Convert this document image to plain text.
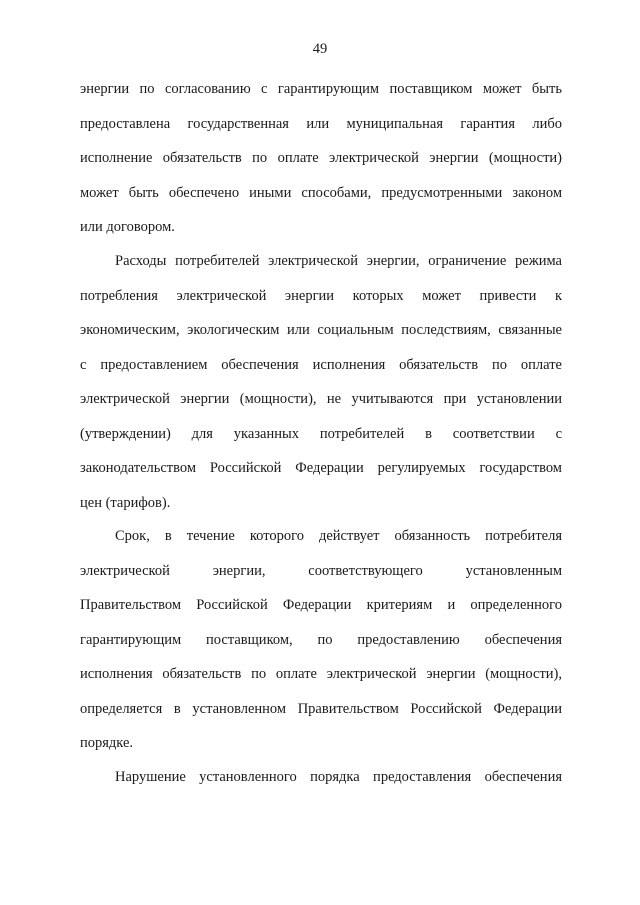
49
энергии по согласованию с гарантирующим поставщиком может быть
предоставлена государственная или муниципальная гарантия либо
исполнение обязательств по оплате электрической энергии (мощности)
может быть обеспечено иными способами, предусмотренными законом
или договором.
Расходы потребителей электрической энергии, ограничение режима
потребления электрической энергии которых может привести к
экономическим, экологическим или социальным последствиям, связанные
с предоставлением обеспечения исполнения обязательств по оплате
электрической энергии (мощности), не учитываются при установлении
(утверждении) для указанных потребителей в соответствии с
законодательством Российской Федерации регулируемых государством
цен (тарифов).
Срок, в течение которого действует обязанность потребителя
электрической энергии, соответствующего установленным
Правительством Российской Федерации критериям и определенного
гарантирующим поставщиком, по предоставлению обеспечения
исполнения обязательств по оплате электрической энергии (мощности),
определяется в установленном Правительством Российской Федерации
порядке.
Нарушение установленного порядка предоставления обеспечения
